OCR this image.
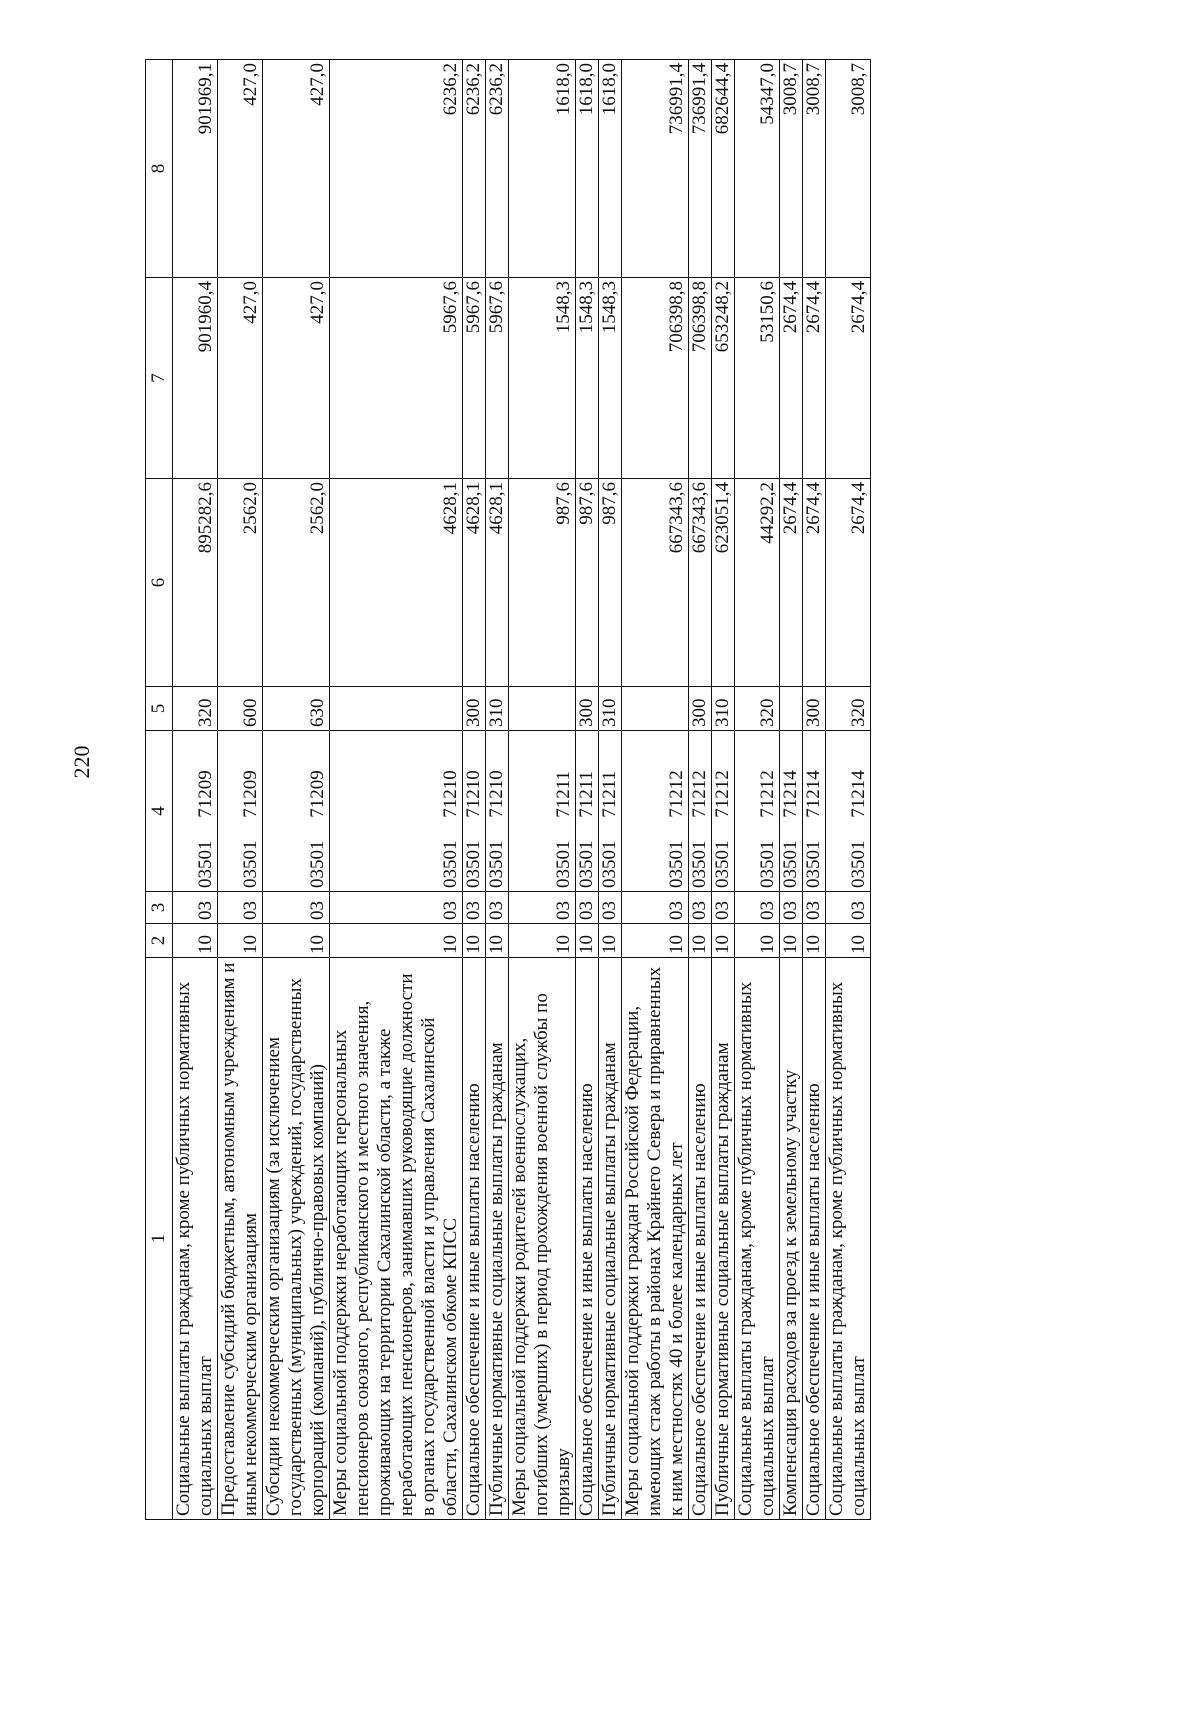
220
1	2	3	4	5	6	7	8
Социальные выплаты гражданам, кроме публичных нормативных социальных выплат	10	03	03501 71209	320	895282,6	901960,4	901969,1
Предоставление субсидий бюджетным, автономным учреждениям и иным некоммерческим организациям	10	03	03501 71209	600	2562,0	427,0	427,0
Субсидии некоммерческим организациям (за исключением государственных (муниципальных) учреждений, государственных корпораций (компаний), публично-правовых компаний)	10	03	03501 71209	630	2562,0	427,0	427,0
Меры социальной поддержки неработающих персональных пенсионеров союзного, республиканского и местного значения, проживающих на территории Сахалинской области, а также неработающих пенсионеров, занимавших руководящие должности в органах государственной власти и управления Сахалинской области, Сахалинском обкоме КПСС	10	03	03501 71210		4628,1	5967,6	6236,2
Социальное обеспечение и иные выплаты населению	10	03	03501 71210	300	4628,1	5967,6	6236,2
Публичные нормативные социальные выплаты гражданам	10	03	03501 71210	310	4628,1	5967,6	6236,2
Меры социальной поддержки родителей военнослужащих, погибших (умерших) в период прохождения военной службы по призыву	10	03	03501 71211		987,6	1548,3	1618,0
Социальное обеспечение и иные выплаты населению	10	03	03501 71211	300	987,6	1548,3	1618,0
Публичные нормативные социальные выплаты гражданам	10	03	03501 71211	310	987,6	1548,3	1618,0
Меры социальной поддержки граждан Российской Федерации, имеющих стаж работы в районах Крайнего Севера и приравненных к ним местностях 40 и более календарных лет	10	03	03501 71212		667343,6	706398,8	736991,4
Социальное обеспечение и иные выплаты населению	10	03	03501 71212	300	667343,6	706398,8	736991,4
Публичные нормативные социальные выплаты гражданам	10	03	03501 71212	310	623051,4	653248,2	682644,4
Социальные выплаты гражданам, кроме публичных нормативных социальных выплат	10	03	03501 71212	320	44292,2	53150,6	54347,0
Компенсация расходов за проезд к земельному участку	10	03	03501 71214		2674,4	2674,4	3008,7
Социальное обеспечение и иные выплаты населению	10	03	03501 71214	300	2674,4	2674,4	3008,7
Социальные выплаты гражданам, кроме публичных нормативных социальных выплат	10	03	03501 71214	320	2674,4	2674,4	3008,7
